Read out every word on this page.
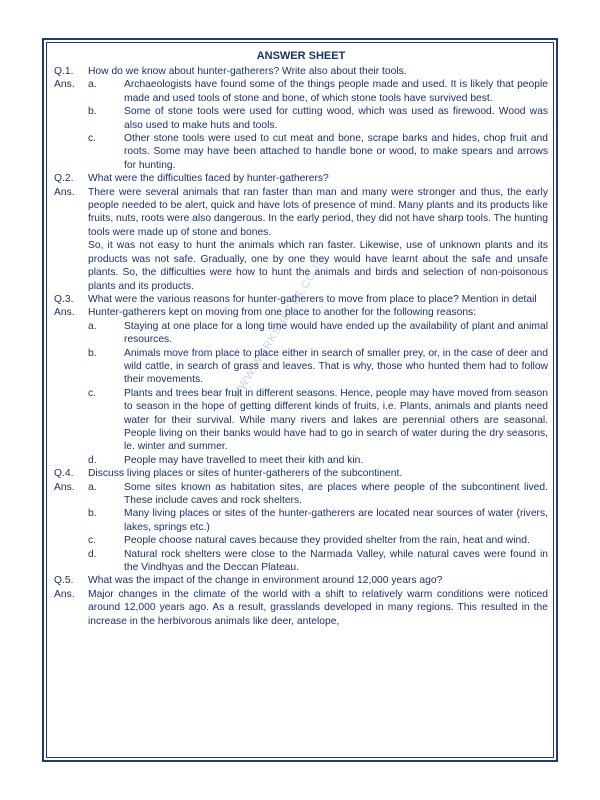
WWW.WORKSHEETS.CO.IN
ANSWER SHEET
Q.1.	How do we know about hunter-gatherers? Write also about their tools.
Ans.	a.	Archaeologists have found some of the things people made and used. It is likely that people made and used tools of stone and bone, of which stone tools have survived best.
b.	Some of stone tools were used for cutting wood, which was used as firewood. Wood was also used to make huts and tools.
c.	Other stone tools were used to cut meat and bone, scrape barks and hides, chop fruit and roots. Some may have been attached to handle bone or wood, to make spears and arrows for hunting.
Q.2.	What were the difficulties faced by hunter-gatherers?
Ans.	There were several animals that ran faster than man and many were stronger and thus, the early people needed to be alert, quick and have lots of presence of mind. Many plants and its products like fruits, nuts, roots were also dangerous. In the early period, they did not have sharp tools. The hunting tools were made up of stone and bones.
So, it was not easy to hunt the animals which ran faster. Likewise, use of unknown plants and its products was not safe. Gradually, one by one they would have learnt about the safe and unsafe plants. So, the difficulties were how to hunt the animals and birds and selection of non-poisonous plants and its products.
Q.3.	What were the various reasons for hunter-gatherers to move from place to place? Mention in detail
Ans.	Hunter-gatherers kept on moving from one place to another for the following reasons:
a.	Staying at one place for a long time would have ended up the availability of plant and animal resources.
b.	Animals move from place to place either in search of smaller prey, or, in the case of deer and wild cattle, in search of grass and leaves. That is why, those who hunted them had to follow their movements.
c.	Plants and trees bear fruit in different seasons. Hence, people may have moved from season to season in the hope of getting different kinds of fruits, i.e. Plants, animals and plants need water for their survival. While many rivers and lakes are perennial others are seasonal. People living on their banks would have had to go in search of water during the dry seasons, le. winter and summer.
d.	People may have travelled to meet their kith and kin.
Q.4.	Discuss living places or sites of hunter-gatherers of the subcontinent.
Ans.	a.	Some sites known as habitation sites, are places where people of the subcontinent lived. These include caves and rock shelters.
b.	Many living places or sites of the hunter-gatherers are located near sources of water (rivers, lakes, springs etc.)
c.	People choose natural caves because they provided shelter from the rain, heat and wind.
d.	Natural rock shelters were close to the Narmada Valley, while natural caves were found in the Vindhyas and the Deccan Plateau.
Q.5.	What was the impact of the change in environment around 12,000 years ago?
Ans.	Major changes in the climate of the world with a shift to relatively warm conditions were noticed around 12,000 years ago. As a result, grasslands developed in many regions. This resulted in the increase in the herbivorous animals like deer, antelope,
